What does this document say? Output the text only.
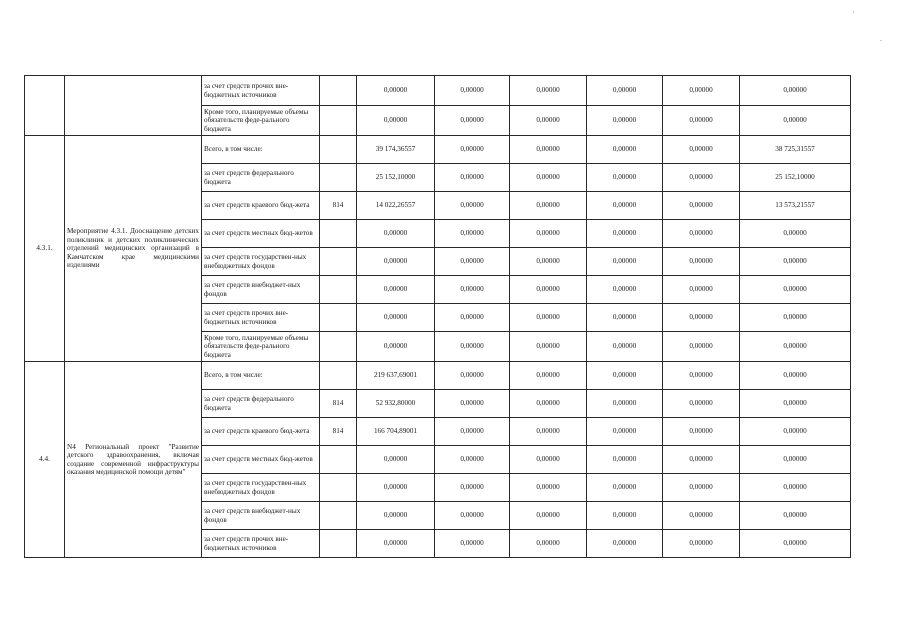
'
.
		за счет средств прочих вне-бюджетных источников		0,00000	0,00000	0,00000	0,00000	0,00000	0,00000
		Кроме того, планируемые объемы обязательств феде-рального бюджета		0,00000	0,00000	0,00000	0,00000	0,00000	0,00000
4.3.1.	Мероприятие 4.3.1. Дооснащение детских поликлиник и детских поликлинических отделений медицинских организаций в Камчатском крае медицинскими изделиями	Всего, в том числе:		39 174,36557	0,00000	0,00000	0,00000	0,00000	38 725,31557
		за счет средств федерального бюджета		25 152,10000	0,00000	0,00000	0,00000	0,00000	25 152,10000
		за счет средств краевого бюд-жета	814	14 022,26557	0,00000	0,00000	0,00000	0,00000	13 573,21557
		за счет средств местных бюд-жетов		0,00000	0,00000	0,00000	0,00000	0,00000	0,00000
		за счет средств государствен-ных внебюджетных фондов		0,00000	0,00000	0,00000	0,00000	0,00000	0,00000
		за счет средств внебюджет-ных фондов		0,00000	0,00000	0,00000	0,00000	0,00000	0,00000
		за счет средств прочих вне-бюджетных источников		0,00000	0,00000	0,00000	0,00000	0,00000	0,00000
		Кроме того, планируемые объемы обязательств феде-рального бюджета		0,00000	0,00000	0,00000	0,00000	0,00000	0,00000
4.4.	N4 Региональный проект "Развитие детского здравоохранения, включая создание современной инфраструктуры оказания медицинской помощи детям"	Всего, в том числе:		219 637,69001	0,00000	0,00000	0,00000	0,00000	0,00000
		за счет средств федерального бюджета	814	52 932,80000	0,00000	0,00000	0,00000	0,00000	0,00000
		за счет средств краевого бюд-жета	814	166 704,89001	0,00000	0,00000	0,00000	0,00000	0,00000
		за счет средств местных бюд-жетов		0,00000	0,00000	0,00000	0,00000	0,00000	0,00000
		за счет средств государствен-ных внебюджетных фондов		0,00000	0,00000	0,00000	0,00000	0,00000	0,00000
		за счет средств внебюджет-ных фондов		0,00000	0,00000	0,00000	0,00000	0,00000	0,00000
		за счет средств прочих вне-бюджетных источников		0,00000	0,00000	0,00000	0,00000	0,00000	0,00000
